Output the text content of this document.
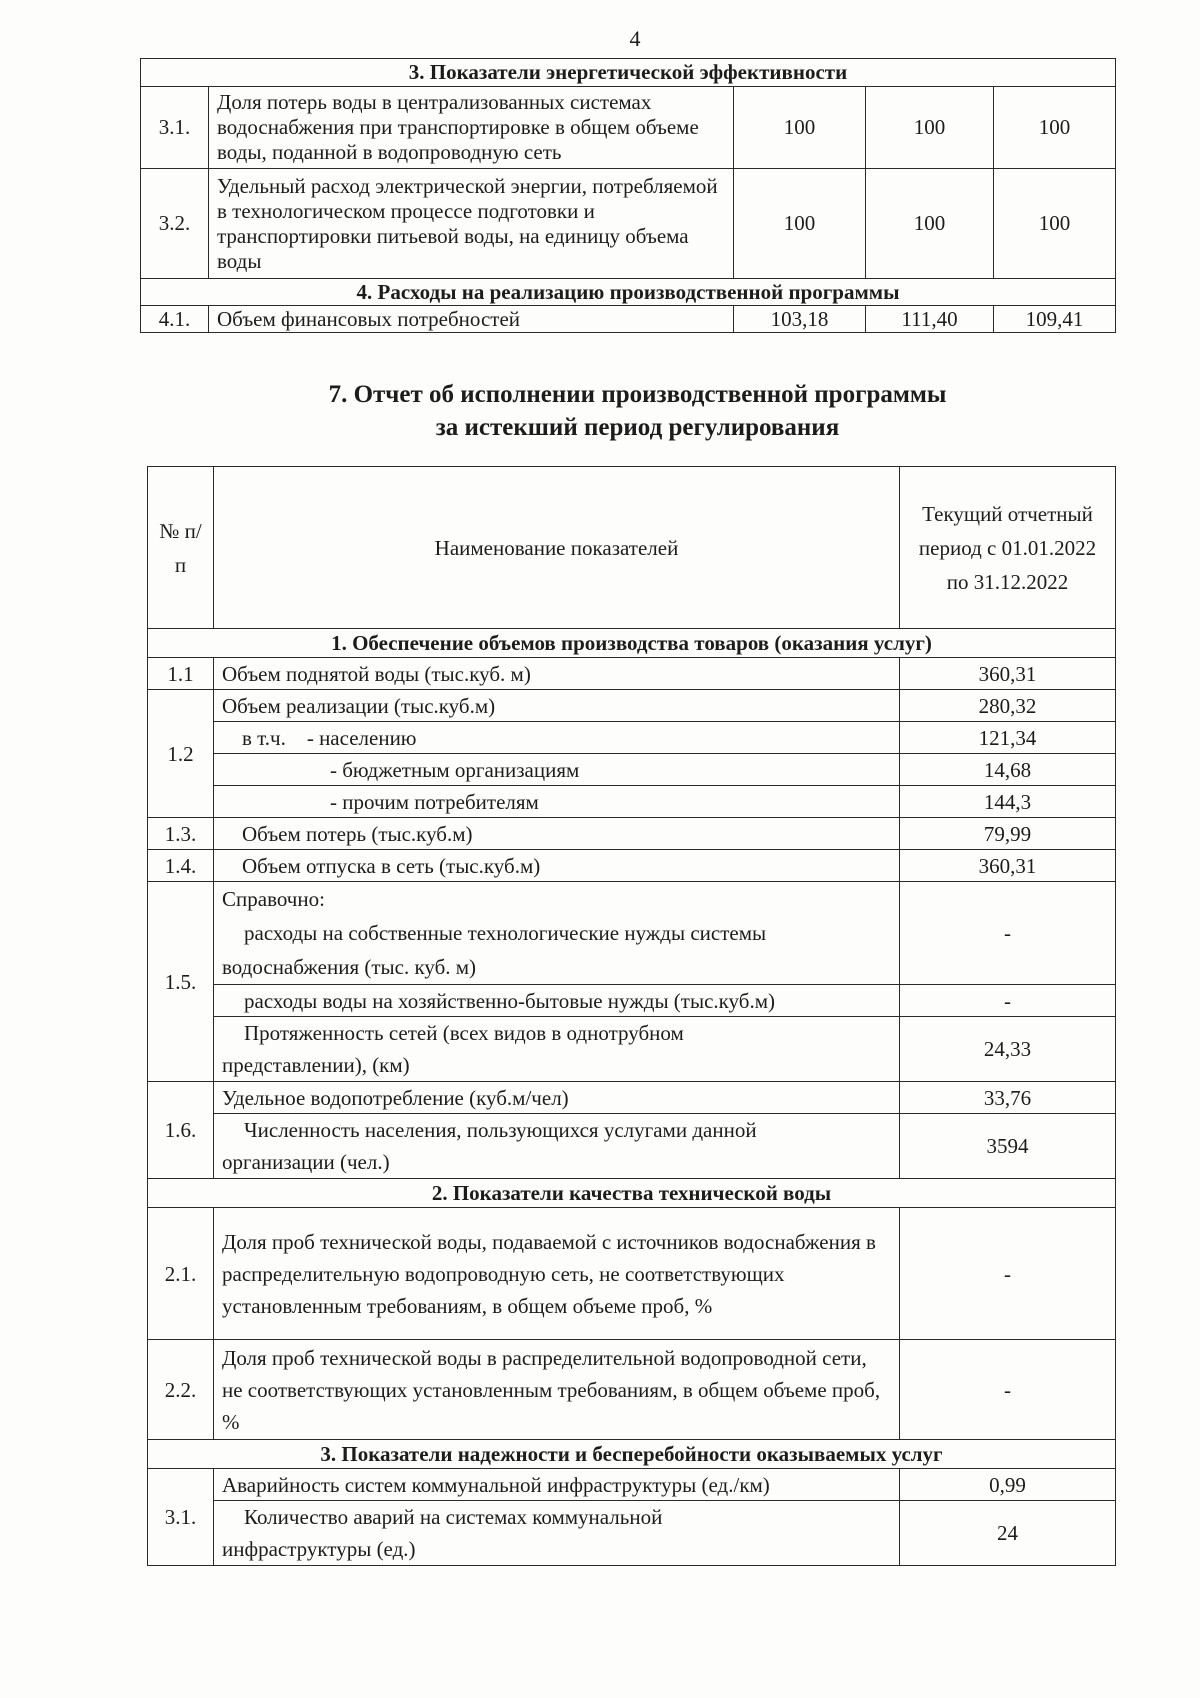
4
3. Показатели энергетической эффективности				
3.1.	Доля потерь воды в централизованных системах водоснабжения при транспортировке в общем объеме воды, поданной в водопроводную сеть	100	100	100
3.2.	Удельный расход электрической энергии, потребляемой в технологическом процессе подготовки и транспортировки питьевой воды, на единицу объема воды	100	100	100
4. Расходы на реализацию производственной программы				
4.1.	Объем финансовых потребностей	103,18	111,40	109,41
7. Отчет об исполнении производственной программы
за истекший период регулирования
№ п/п	Наименование показателей	Текущий отчетный период с 01.01.2022 по 31.12.2022
1. Обеспечение объемов производства товаров (оказания услуг)		
1.1	Объем поднятой воды (тыс.куб. м)	360,31
1.2	Объем реализации (тыс.куб.м)	280,32
	в т.ч.    - населению	121,34
	- бюджетным организациям	14,68
	- прочим потребителям	144,3
1.3.	Объем потерь (тыс.куб.м)	79,99
1.4.	Объем отпуска в сеть (тыс.куб.м)	360,31
1.5.	Справочно:
расходы на собственные технологические нужды системы
водоснабжения (тыс. куб. м)	-
	расходы воды на хозяйственно-бытовые нужды (тыс.куб.м)	-

	Протяженность сетей (всех видов в однотрубном
представлении), (км)	24,33
1.6.	Удельное водопотребление (куб.м/чел)	33,76

	Численность населения, пользующихся услугами данной
организации (чел.)	3594
2. Показатели качества технической воды		
2.1.	Доля проб технической воды, подаваемой с источников водоснабжения в распределительную водопроводную сеть, не соответствующих установленным требованиям, в общем объеме проб, %	-
2.2.	Доля проб технической воды в распределительной водопроводной сети, не соответствующих установленным требованиям, в общем объеме проб, %	-
3. Показатели надежности и бесперебойности оказываемых услуг		
3.1.	Аварийность систем коммунальной инфраструктуры (ед./км)	0,99

	Количество аварий на системах коммунальной
инфраструктуры (ед.)	24
